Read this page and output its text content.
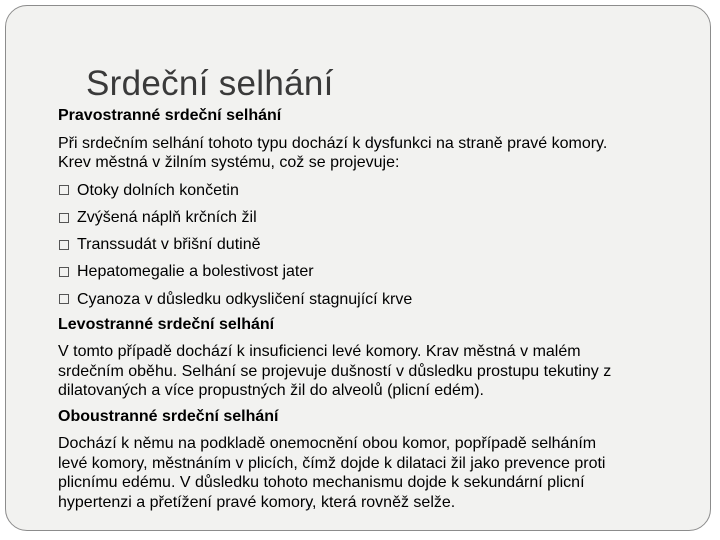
Srdeční selhání
Pravostranné srdeční selhání
Při srdečním selhání tohoto typu dochází k dysfunkci na straně pravé komory.
Krev městná v žilním systému, což se projevuje:
Otoky dolních končetin
Zvýšená náplň krčních žil
Transsudát v břišní dutině
Hepatomegalie a bolestivost jater
Cyanoza v důsledku odkysličení stagnující krve
Levostranné srdeční selhání
V tomto případě dochází k insuficienci levé komory. Krav městná v malém
srdečním oběhu. Selhání se projevuje dušností v důsledku prostupu tekutiny z
dilatovaných a více propustných žil do alveolů (plicní edém).
Oboustranné srdeční selhání
Dochází k němu na podkladě onemocnění obou komor, popřípadě selháním
levé komory, městnáním v plicích, čímž dojde k dilataci žil jako prevence proti
plicnímu edému. V důsledku tohoto mechanismu dojde k sekundární plicní
hypertenzi a přetížení pravé komory, která rovněž selže.
